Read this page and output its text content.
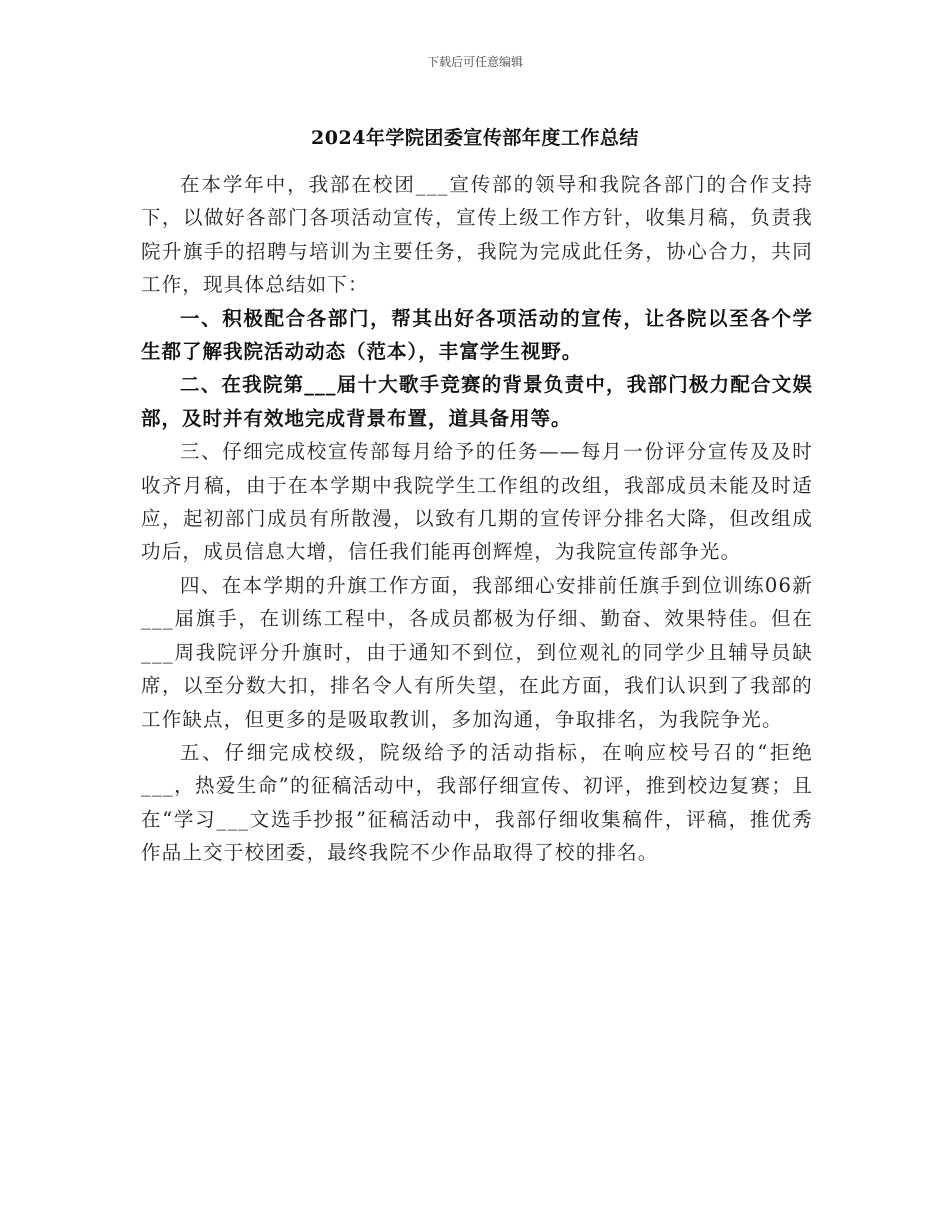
下载后可任意编辑
2024年学院团委宣传部年度工作总结

在本学年中，我部在校团___宣传部的领导和我院各部门的合作支持下，以做好各部门各项活动宣传，宣传上级工作方针，收集月稿，负责我院升旗手的招聘与培训为主要任务，我院为完成此任务，协心合力，共同工作，现具体总结如下：

一、积极配合各部门，帮其出好各项活动的宣传，让各院以至各个学生都了解我院活动动态（范本），丰富学生视野。

二、在我院第___届十大歌手竞赛的背景负责中，我部门极力配合文娱部，及时并有效地完成背景布置，道具备用等。

三、仔细完成校宣传部每月给予的任务——每月一份评分宣传及及时收齐月稿，由于在本学期中我院学生工作组的改组，我部成员未能及时适应，起初部门成员有所散漫，以致有几期的宣传评分排名大降，但改组成功后，成员信息大增，信任我们能再创辉煌，为我院宣传部争光。

四、在本学期的升旗工作方面，我部细心安排前任旗手到位训练06新___届旗手，在训练工程中，各成员都极为仔细、勤奋、效果特佳。但在___周我院评分升旗时，由于通知不到位，到位观礼的同学少且辅导员缺席，以至分数大扣，排名令人有所失望，在此方面，我们认识到了我部的工作缺点，但更多的是吸取教训，多加沟通，争取排名，为我院争光。

五、仔细完成校级，院级给予的活动指标，在响应校号召的“拒绝___，热爱生命”的征稿活动中，我部仔细宣传、初评，推到校边复赛；且在“学习___文选手抄报”征稿活动中，我部仔细收集稿件，评稿，推优秀作品上交于校团委，最终我院不少作品取得了校的排名。
